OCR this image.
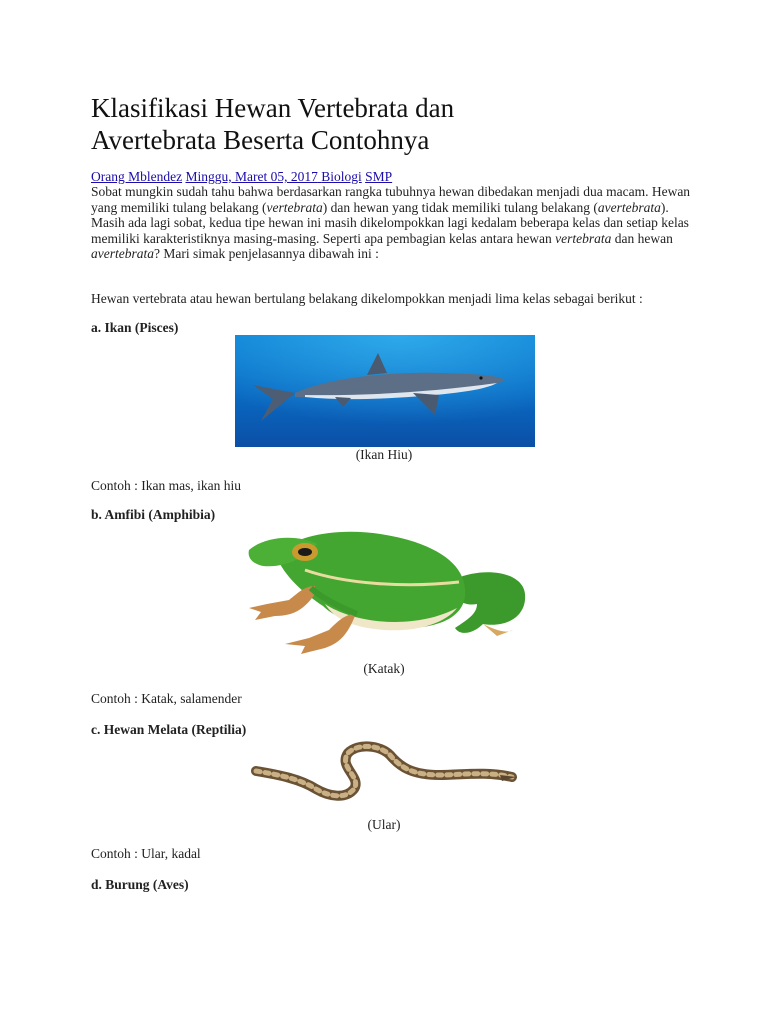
Klasifikasi Hewan Vertebrata dan
Avertebrata Beserta Contohnya
Orang Mblendez Minggu, Maret 05, 2017 Biologi SMP

Sobat mungkin sudah tahu bahwa berdasarkan rangka tubuhnya hewan dibedakan menjadi dua macam. Hewan yang memiliki tulang belakang (vertebrata) dan hewan yang tidak memiliki tulang belakang (avertebrata). Masih ada lagi sobat, kedua tipe hewan ini masih dikelompokkan lagi kedalam beberapa kelas dan setiap kelas memiliki karakteristiknya masing-masing. Seperti apa pembagian kelas antara hewan vertebrata dan hewan avertebrata? Mari simak penjelasannya dibawah ini :

Hewan vertebrata atau hewan bertulang belakang dikelompokkan menjadi lima kelas sebagai berikut :

a. Ikan (Pisces)

(Ikan Hiu)
Contoh : Ikan mas, ikan hiu

b. Amfibi (Amphibia)

(Katak)
Contoh : Katak, salamender

c. Hewan Melata (Reptilia)

(Ular)
Contoh : Ular, kadal

d. Burung (Aves)
